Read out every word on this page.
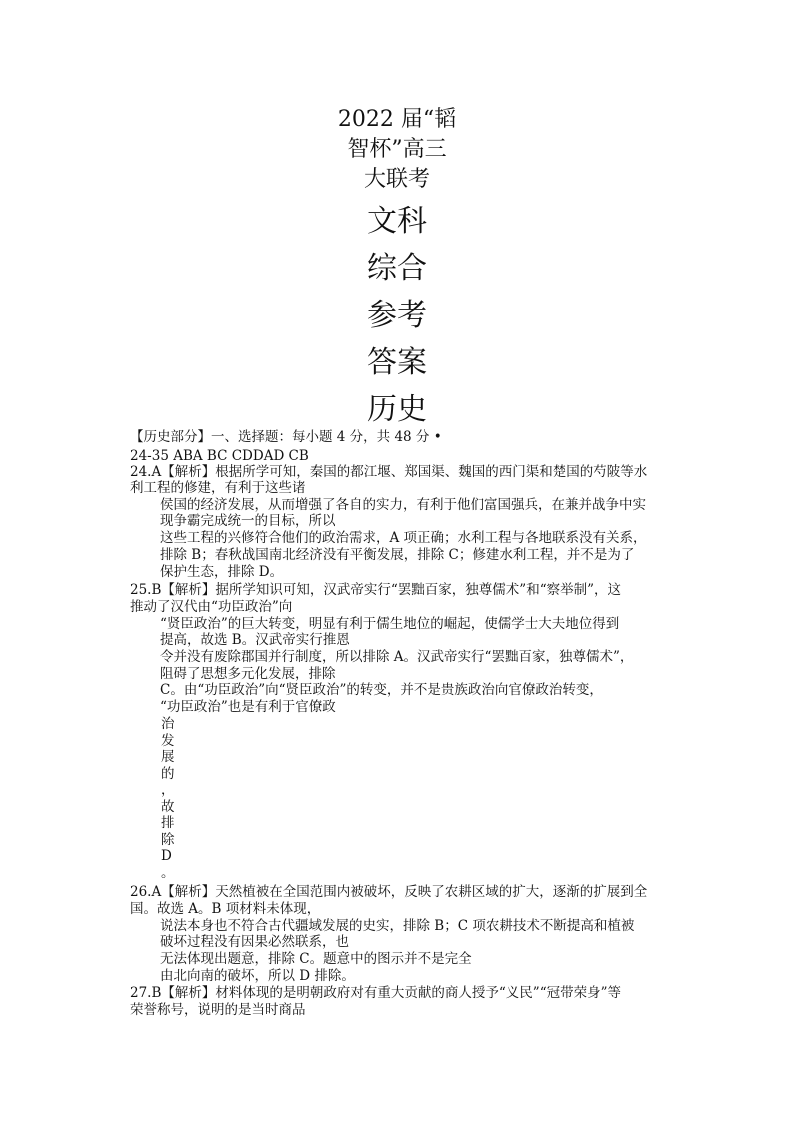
2022 届“韬
智杯”高三
大联考
文科
综合
参考
答案
历史
【历史部分】一、选择题：每小题 4 分，共 48 分 •
24-35 ABA BC CDDAD CB
24.A【解析】根据所学可知，秦国的都江堰、郑国渠、魏国的西门渠和楚国的芍陂等水
利工程的修建，有利于这些诸
侯国的经济发展，从而增强了各自的实力，有利于他们富国强兵，在兼并战争中实
现争霸完成统一的目标，所以
这些工程的兴修符合他们的政治需求，A 项正确；水利工程与各地联系没有关系，
排除 B；春秋战国南北经济没有平衡发展，排除 C；修建水利工程，并不是为了
保护生态，排除 D。
25.B【解析】据所学知识可知，汉武帝实行“罢黜百家，独尊儒术”和“察举制”，这
推动了汉代由“功臣政治”向
“贤臣政治”的巨大转变，明显有利于儒生地位的崛起，使儒学士大夫地位得到
提高，故选 B。汉武帝实行推恩
令并没有废除郡国并行制度，所以排除 A。汉武帝实行“罢黜百家，独尊儒术”，
阻碍了思想多元化发展，排除
C。由“功臣政治”向“贤臣政治”的转变，并不是贵族政治向官僚政治转变，
“功臣政治”也是有利于官僚政
治
发
展
的
，
故
排
除
D
。
26.A【解析】天然植被在全国范围内被破坏，反映了农耕区域的扩大，逐渐的扩展到全
国。故选 A。B 项材料未体现，
说法本身也不符合古代疆域发展的史实，排除 B；C 项农耕技术不断提高和植被
破坏过程没有因果必然联系，也
无法体现出题意，排除 C。题意中的图示并不是完全
由北向南的破坏，所以 D 排除。
27.B【解析】材料体现的是明朝政府对有重大贡献的商人授予“义民”“冠带荣身”等
荣誉称号，说明的是当时商品
